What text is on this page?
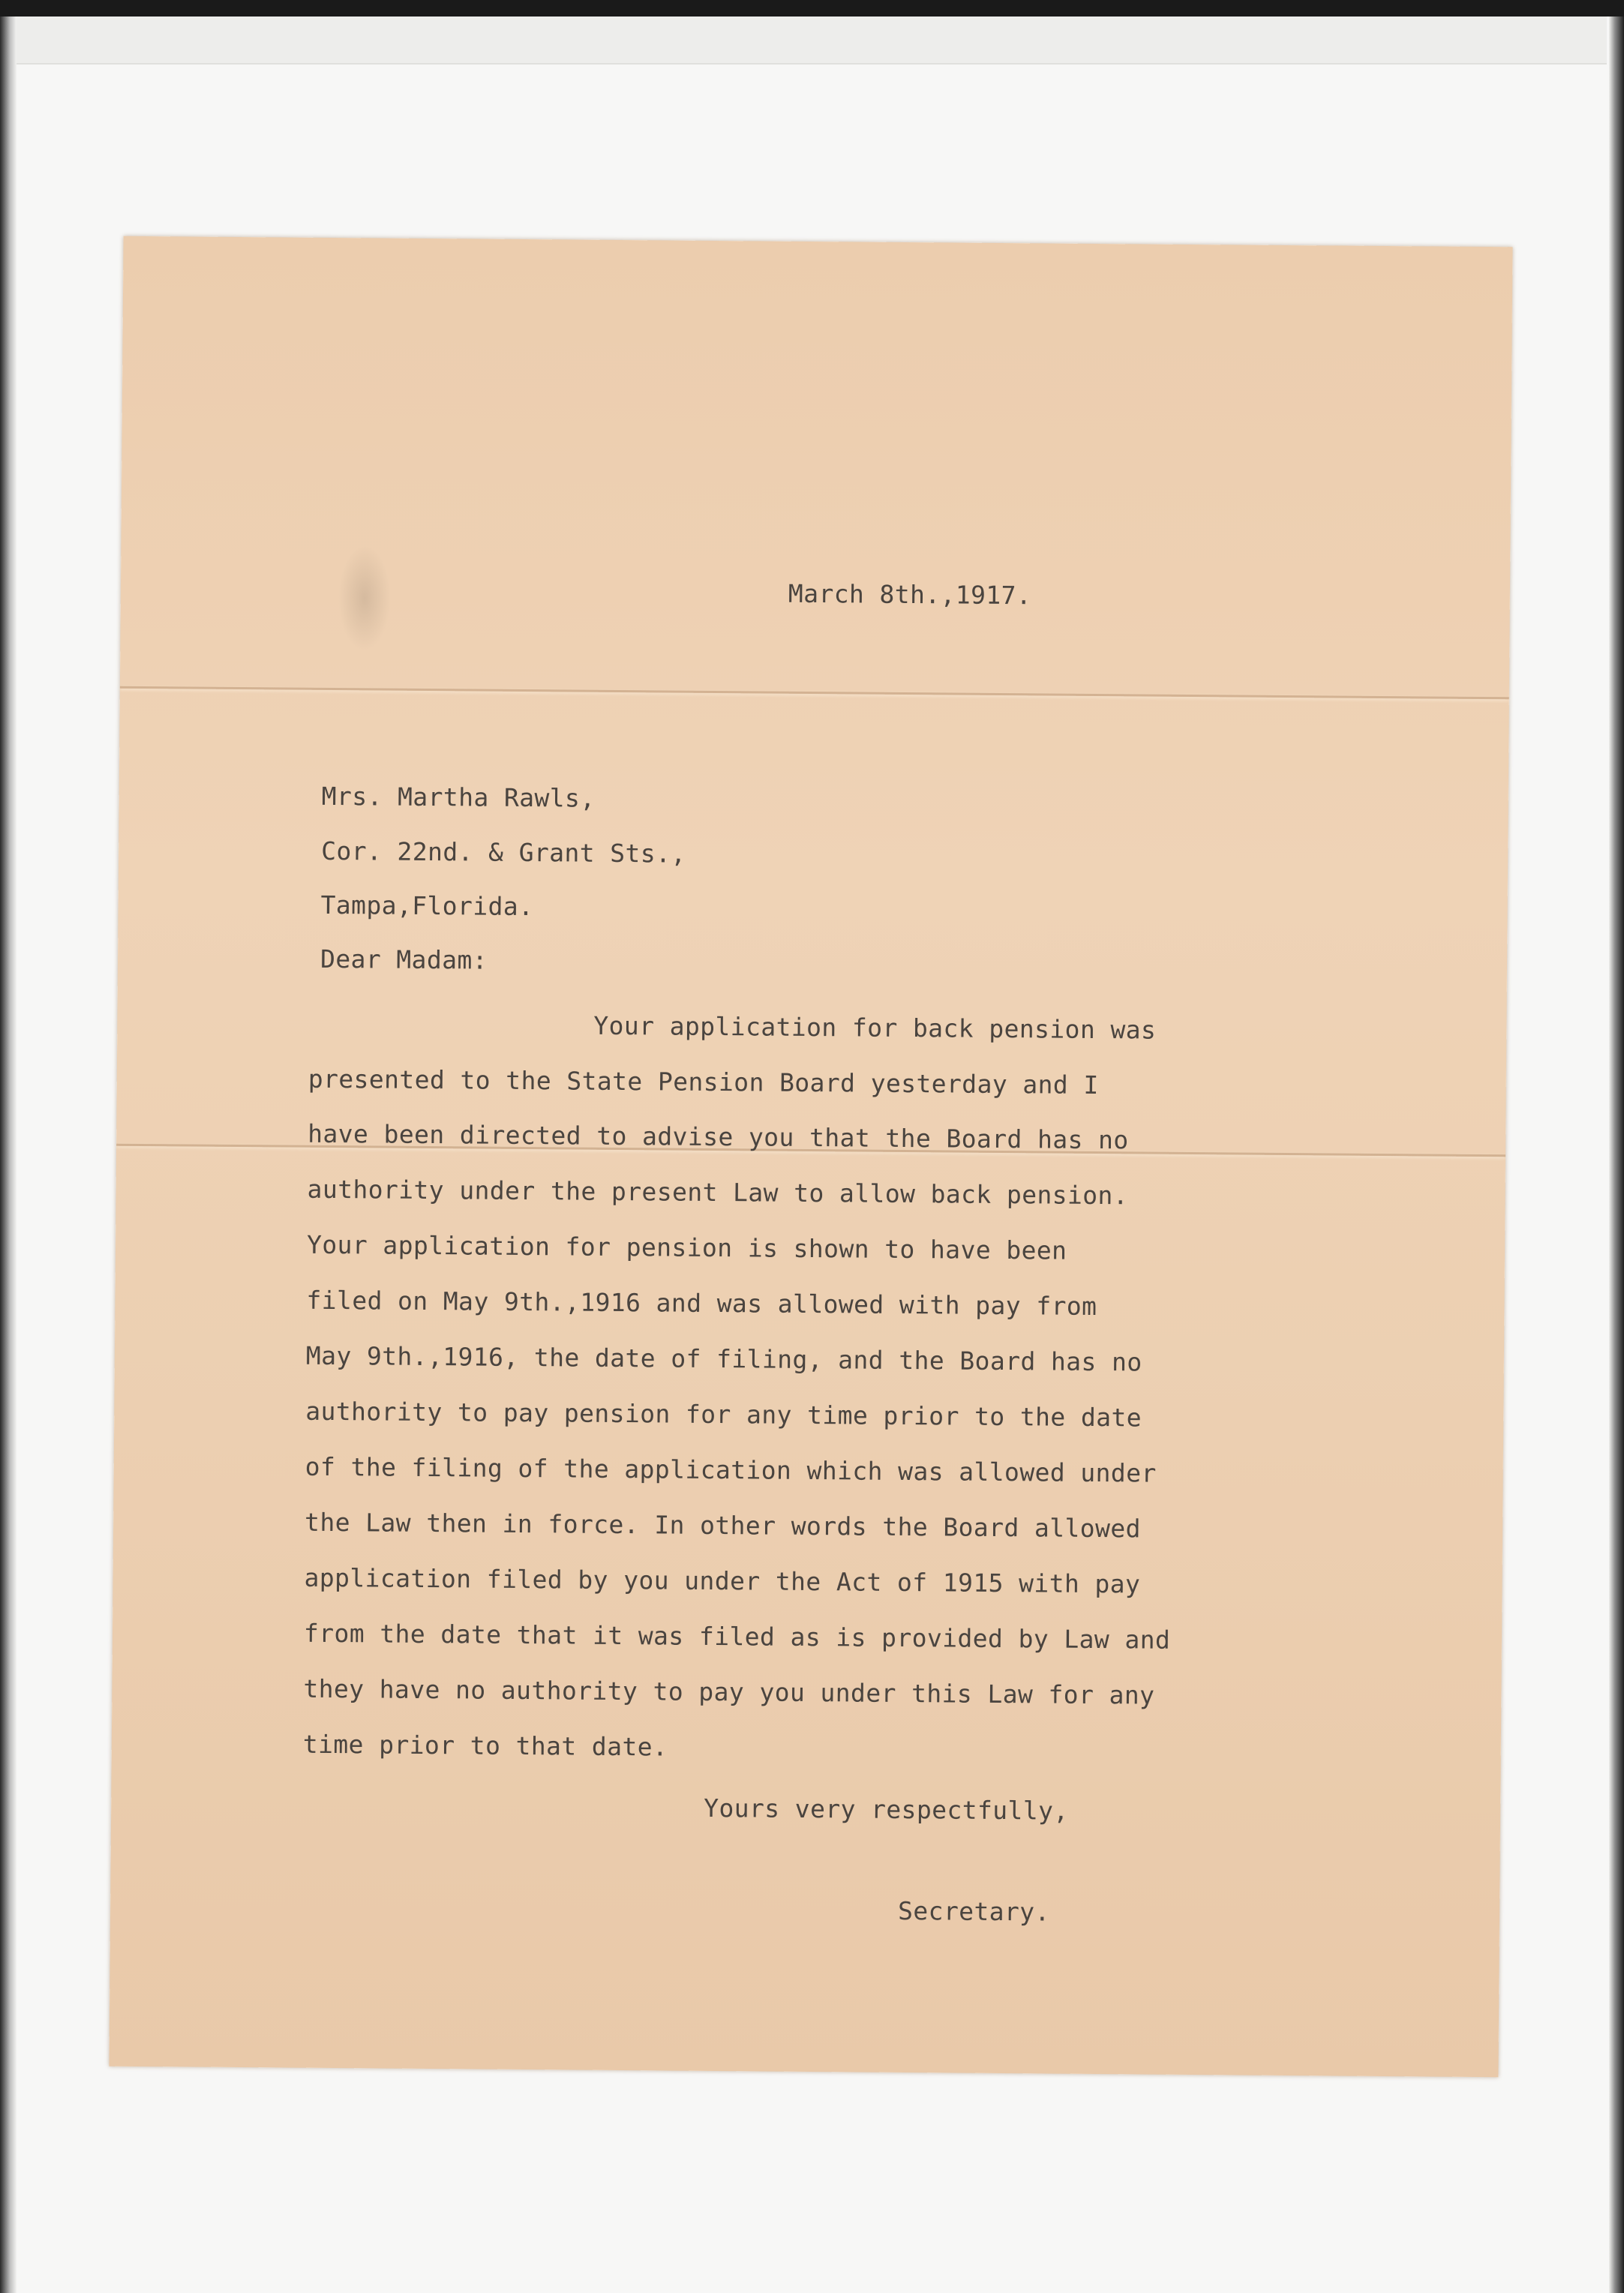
March 8th.,1917.
Mrs. Martha Rawls,
Cor. 22nd. & Grant Sts.,
Tampa,Florida.
Dear Madam:
Your application for back pension was
presented to the State Pension Board yesterday and I
have been directed to advise you that the Board has no
authority under the present Law to allow back pension.
Your application for pension is shown to have been
filed on May 9th.,1916 and was allowed with pay from
May 9th.,1916, the date of filing, and the Board has no
authority to pay pension for any time prior to the date
of the filing of the application which was allowed under
the Law then in force. In other words the Board allowed
application filed by you under the Act of 1915 with pay
from the date that it was filed as is provided by Law and
they have no authority to pay you under this Law for any
time prior to that date.
Yours very respectfully,
Secretary.
